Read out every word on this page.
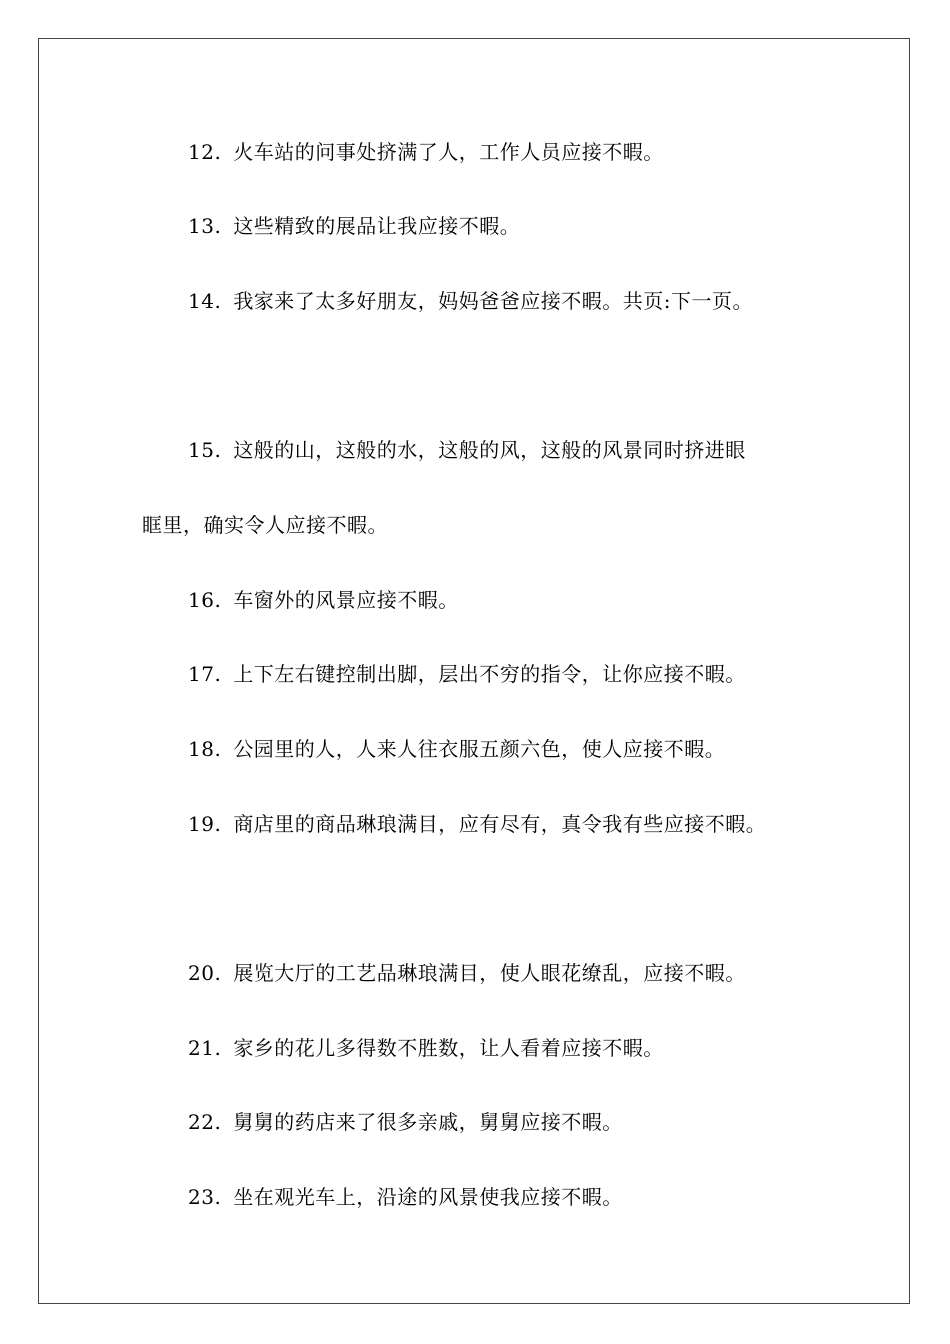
12. 火车站的问事处挤满了人，工作人员应接不暇。
13. 这些精致的展品让我应接不暇。
14. 我家来了太多好朋友，妈妈爸爸应接不暇。共页:下一页。
15. 这般的山，这般的水，这般的风，这般的风景同时挤进眼
眶里，确实令人应接不暇。
16. 车窗外的风景应接不暇。
17. 上下左右键控制出脚，层出不穷的指令，让你应接不暇。
18. 公园里的人，人来人往衣服五颜六色，使人应接不暇。
19. 商店里的商品琳琅满目，应有尽有，真令我有些应接不暇。
20. 展览大厅的工艺品琳琅满目，使人眼花缭乱，应接不暇。
21. 家乡的花儿多得数不胜数，让人看着应接不暇。
22. 舅舅的药店来了很多亲戚，舅舅应接不暇。
23. 坐在观光车上，沿途的风景使我应接不暇。
